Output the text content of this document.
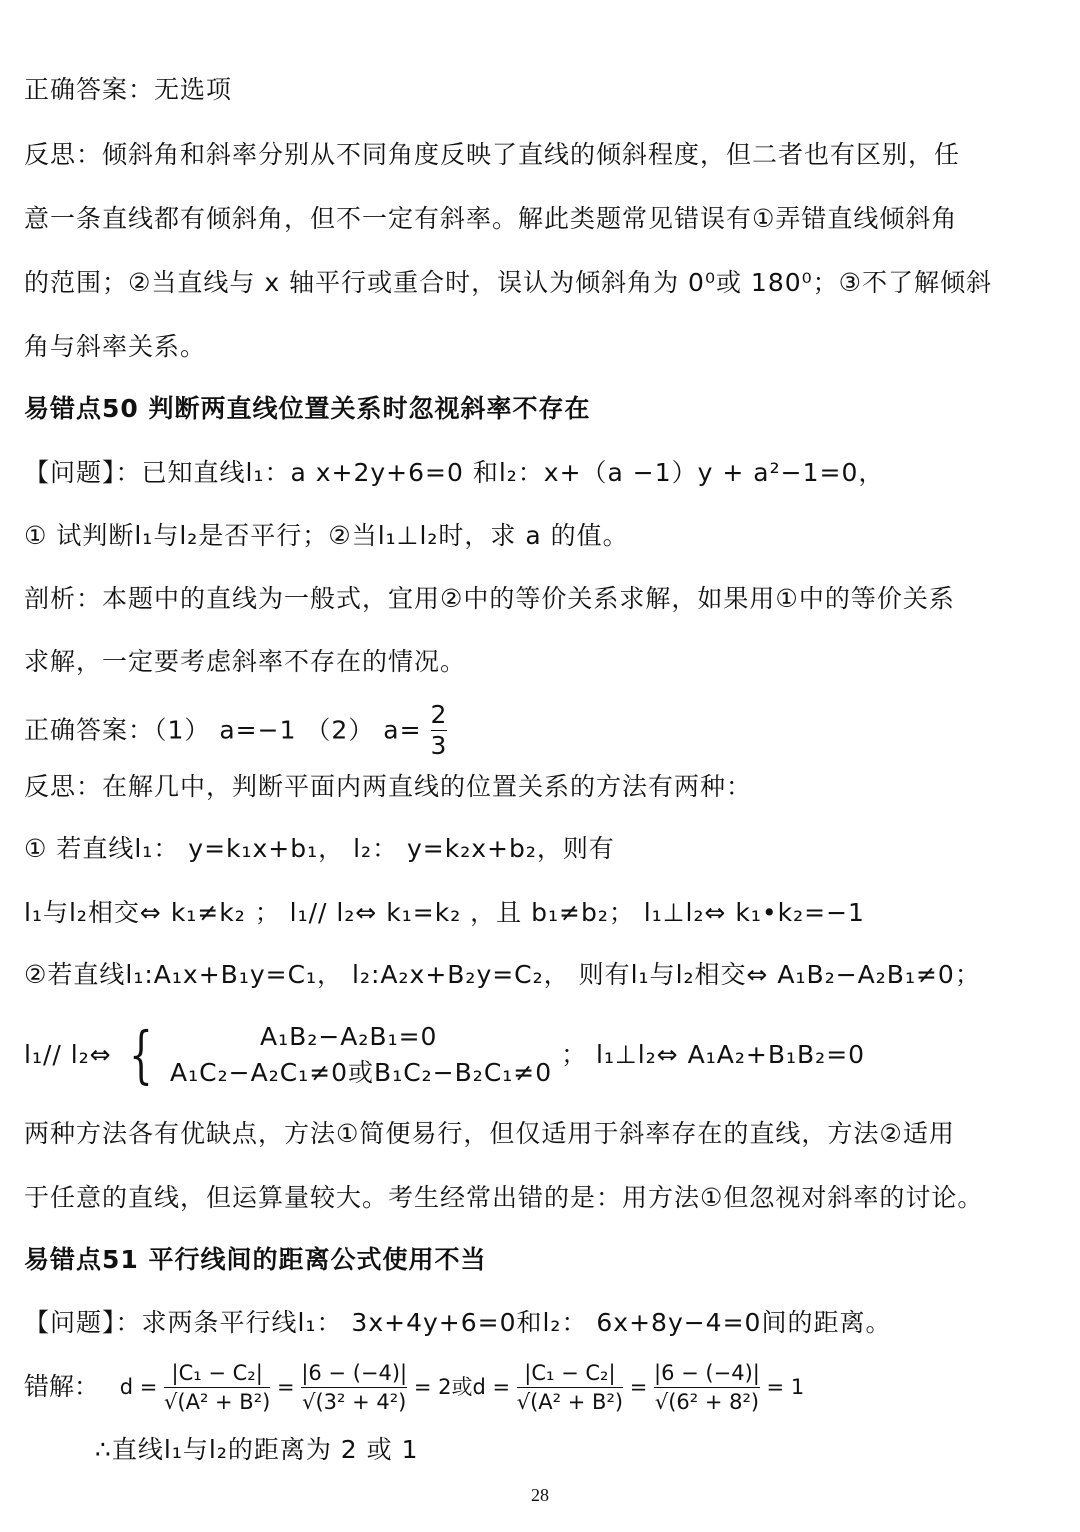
正确答案：无选项
反思：倾斜角和斜率分别从不同角度反映了直线的倾斜程度，但二者也有区别，任
意一条直线都有倾斜角，但不一定有斜率。解此类题常见错误有①弄错直线倾斜角
的范围；②当直线与 x 轴平行或重合时，误认为倾斜角为 0⁰或 180⁰；③不了解倾斜
角与斜率关系。
易错点50 判断两直线位置关系时忽视斜率不存在
【问题】：已知直线l₁：a x+2y+6=0 和l₂：x+（a −1）y + a²−1=0，
① 试判断l₁与l₂是否平行；②当l₁⊥l₂时，求 a 的值。
剖析：本题中的直线为一般式，宜用②中的等价关系求解，如果用①中的等价关系
求解，一定要考虑斜率不存在的情况。
正确答案：（1） a=−1 （2） $a= \frac{2}{3}$
反思：在解几中，判断平面内两直线的位置关系的方法有两种：
① 若直线l₁： y=k₁x+b₁， l₂： y=k₂x+b₂，则有
l₁与l₂相交⇔ k₁≠k₂ ； l₁// l₂⇔ k₁=k₂ ，且 b₁≠b₂； l₁⊥l₂⇔ k₁•k₂=−1
②若直线l₁:A₁x+B₁y=C₁， l₂:A₂x+B₂y=C₂， 则有l₁与l₂相交⇔ A₁B₂−A₂B₁≠0；
l₁// l₂⇔ {	A₁B₂−A₂B₁=0
A₁C₂−A₂C₁≠0或B₁C₂−B₂C₁≠0
； l₁⊥l₂⇔ A₁A₂+B₁B₂=0
两种方法各有优缺点，方法①简便易行，但仅适用于斜率存在的直线，方法②适用
于任意的直线，但运算量较大。考生经常出错的是：用方法①但忽视对斜率的讨论。
易错点51 平行线间的距离公式使用不当
【问题】：求两条平行线l₁： 3x+4y+6=0和l₂： 6x+8y−4=0间的距离。
错解： $d = \frac{\text{|C₁ − C₂|}}{\text{√(A² + B²)}} = \frac{|6 - (-4)|}{\text{√(3² + 4²)}} = 2$或$d = \frac{\text{|C₁ − C₂|}}{\text{√(A² + B²)}} = \frac{|6 - (-4)|}{\text{√(6² + 8²)}} = 1$
∴直线l₁与l₂的距离为 2 或 1
28
